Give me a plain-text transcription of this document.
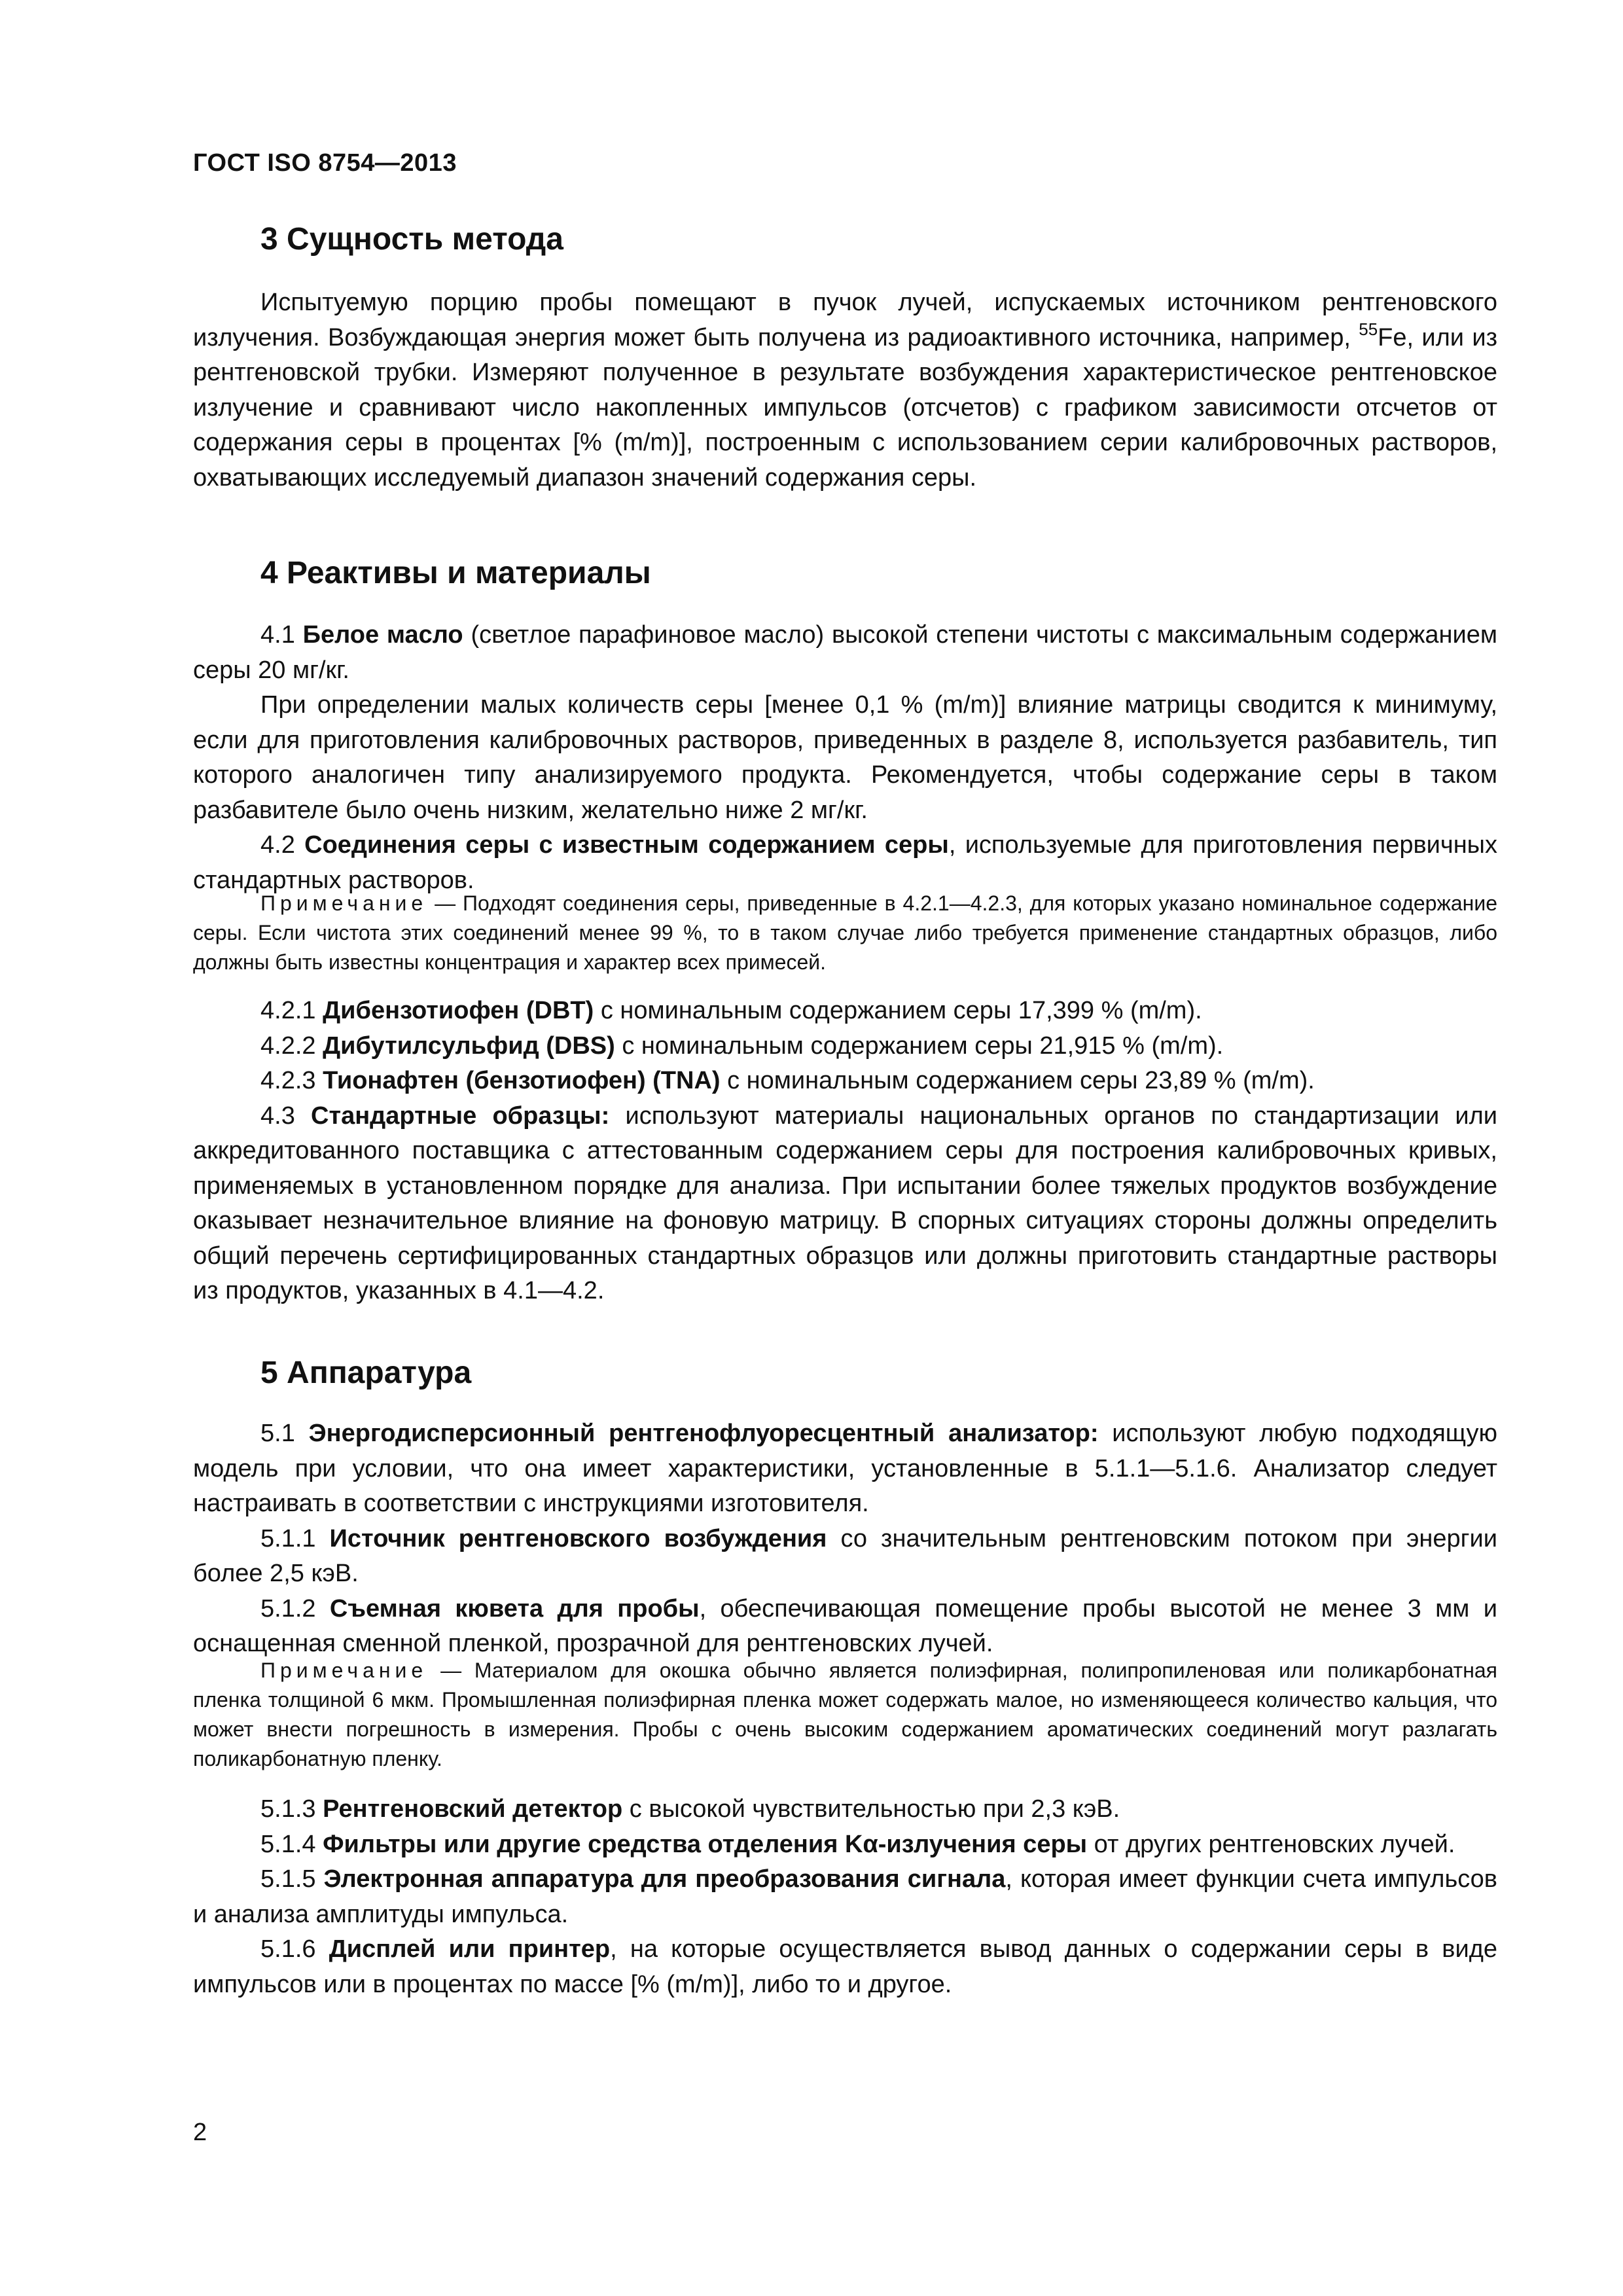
ГОСТ ISO 8754—2013
3 Сущность метода

Испытуемую порцию пробы помещают в пучок лучей, испускаемых источником рентгеновского излучения. Возбуждающая энергия может быть получена из радиоактивного источника, например, $^{55}$Fe, или из рентгеновской трубки. Измеряют полученное в результате возбуждения характеристическое рентгеновское излучение и сравнивают число накопленных импульсов (отсчетов) с графиком зависимости отсчетов от содержания серы в процентах [% (m/m)], построенным с использованием серии калибровочных растворов, охватывающих исследуемый диапазон значений содержания серы.

4 Реактивы и материалы

4.1 Белое масло (светлое парафиновое масло) высокой степени чистоты с максимальным содержанием серы 20 мг/кг.

При определении малых количеств серы [менее 0,1 % (m/m)] влияние матрицы сводится к минимуму, если для приготовления калибровочных растворов, приведенных в разделе 8, используется разбавитель, тип которого аналогичен типу анализируемого продукта. Рекомендуется, чтобы содержание серы в таком разбавителе было очень низким, желательно ниже 2 мг/кг.

4.2 Соединения серы с известным содержанием серы, используемые для приготовления первичных стандартных растворов.

Примечание — Подходят соединения серы, приведенные в 4.2.1—4.2.3, для которых указано номинальное содержание серы. Если чистота этих соединений менее 99 %, то в таком случае либо требуется применение стандартных образцов, либо должны быть известны концентрация и характер всех примесей.

4.2.1 Дибензотиофен (DBT) с номинальным содержанием серы 17,399 % (m/m).

4.2.2 Дибутилсульфид (DBS) с номинальным содержанием серы 21,915 % (m/m).

4.2.3 Тионафтен (бензотиофен) (TNA) с номинальным содержанием серы 23,89 % (m/m).

4.3 Стандартные образцы: используют материалы национальных органов по стандартизации или аккредитованного поставщика с аттестованным содержанием серы для построения калибровочных кривых, применяемых в установленном порядке для анализа. При испытании более тяжелых продуктов возбуждение оказывает незначительное влияние на фоновую матрицу. В спорных ситуациях стороны должны определить общий перечень сертифицированных стандартных образцов или должны приготовить стандартные растворы из продуктов, указанных в 4.1—4.2.

5 Аппаратура

5.1 Энергодисперсионный рентгенофлуоресцентный анализатор: используют любую подходящую модель при условии, что она имеет характеристики, установленные в 5.1.1—5.1.6. Анализатор следует настраивать в соответствии с инструкциями изготовителя.

5.1.1 Источник рентгеновского возбуждения со значительным рентгеновским потоком при энергии более 2,5 кэВ.

5.1.2 Съемная кювета для пробы, обеспечивающая помещение пробы высотой не менее 3 мм и оснащенная сменной пленкой, прозрачной для рентгеновских лучей.

Примечание — Материалом для окошка обычно является полиэфирная, полипропиленовая или поликарбонатная пленка толщиной 6 мкм. Промышленная полиэфирная пленка может содержать малое, но изменяющееся количество кальция, что может внести погрешность в измерения. Пробы с очень высоким содержанием ароматических соединений могут разлагать поликарбонатную пленку.

5.1.3 Рентгеновский детектор с высокой чувствительностью при 2,3 кэВ.

5.1.4 Фильтры или другие средства отделения Kα-излучения серы от других рентгеновских лучей.

5.1.5 Электронная аппаратура для преобразования сигнала, которая имеет функции счета импульсов и анализа амплитуды импульса.

5.1.6 Дисплей или принтер, на которые осуществляется вывод данных о содержании серы в виде импульсов или в процентах по массе [% (m/m)], либо то и другое.

2
